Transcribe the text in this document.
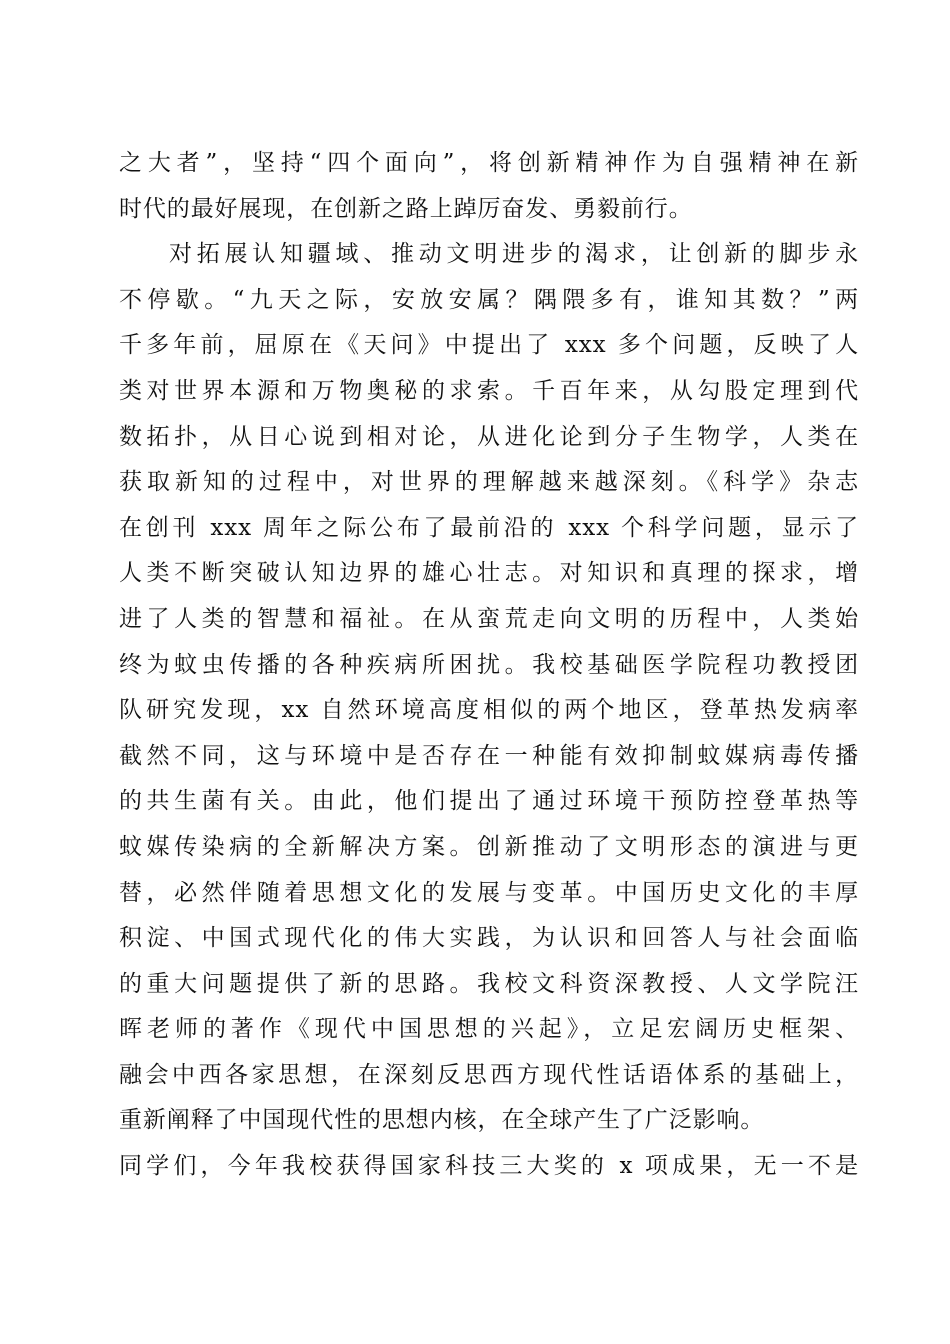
之大者”，坚持“四个面向”，将创新精神作为自强精神在新
时代的最好展现，在创新之路上踔厉奋发、勇毅前行。
对拓展认知疆域、推动文明进步的渴求，让创新的脚步永
不停歇。“九天之际，安放安属？隅隈多有，谁知其数？”两
千多年前，屈原在《天问》中提出了 xxx 多个问题，反映了人
类对世界本源和万物奥秘的求索。千百年来，从勾股定理到代
数拓扑，从日心说到相对论，从进化论到分子生物学，人类在
获取新知的过程中，对世界的理解越来越深刻。《科学》杂志
在创刊 xxx 周年之际公布了最前沿的 xxx 个科学问题，显示了
人类不断突破认知边界的雄心壮志。对知识和真理的探求，增
进了人类的智慧和福祉。在从蛮荒走向文明的历程中，人类始
终为蚊虫传播的各种疾病所困扰。我校基础医学院程功教授团
队研究发现，xx 自然环境高度相似的两个地区，登革热发病率
截然不同，这与环境中是否存在一种能有效抑制蚊媒病毒传播
的共生菌有关。由此，他们提出了通过环境干预防控登革热等
蚊媒传染病的全新解决方案。创新推动了文明形态的演进与更
替，必然伴随着思想文化的发展与变革。中国历史文化的丰厚
积淀、中国式现代化的伟大实践，为认识和回答人与社会面临
的重大问题提供了新的思路。我校文科资深教授、人文学院汪
晖老师的著作《现代中国思想的兴起》，立足宏阔历史框架、
融会中西各家思想，在深刻反思西方现代性话语体系的基础上，
重新阐释了中国现代性的思想内核，在全球产生了广泛影响。
同学们，今年我校获得国家科技三大奖的 x 项成果，无一不是
